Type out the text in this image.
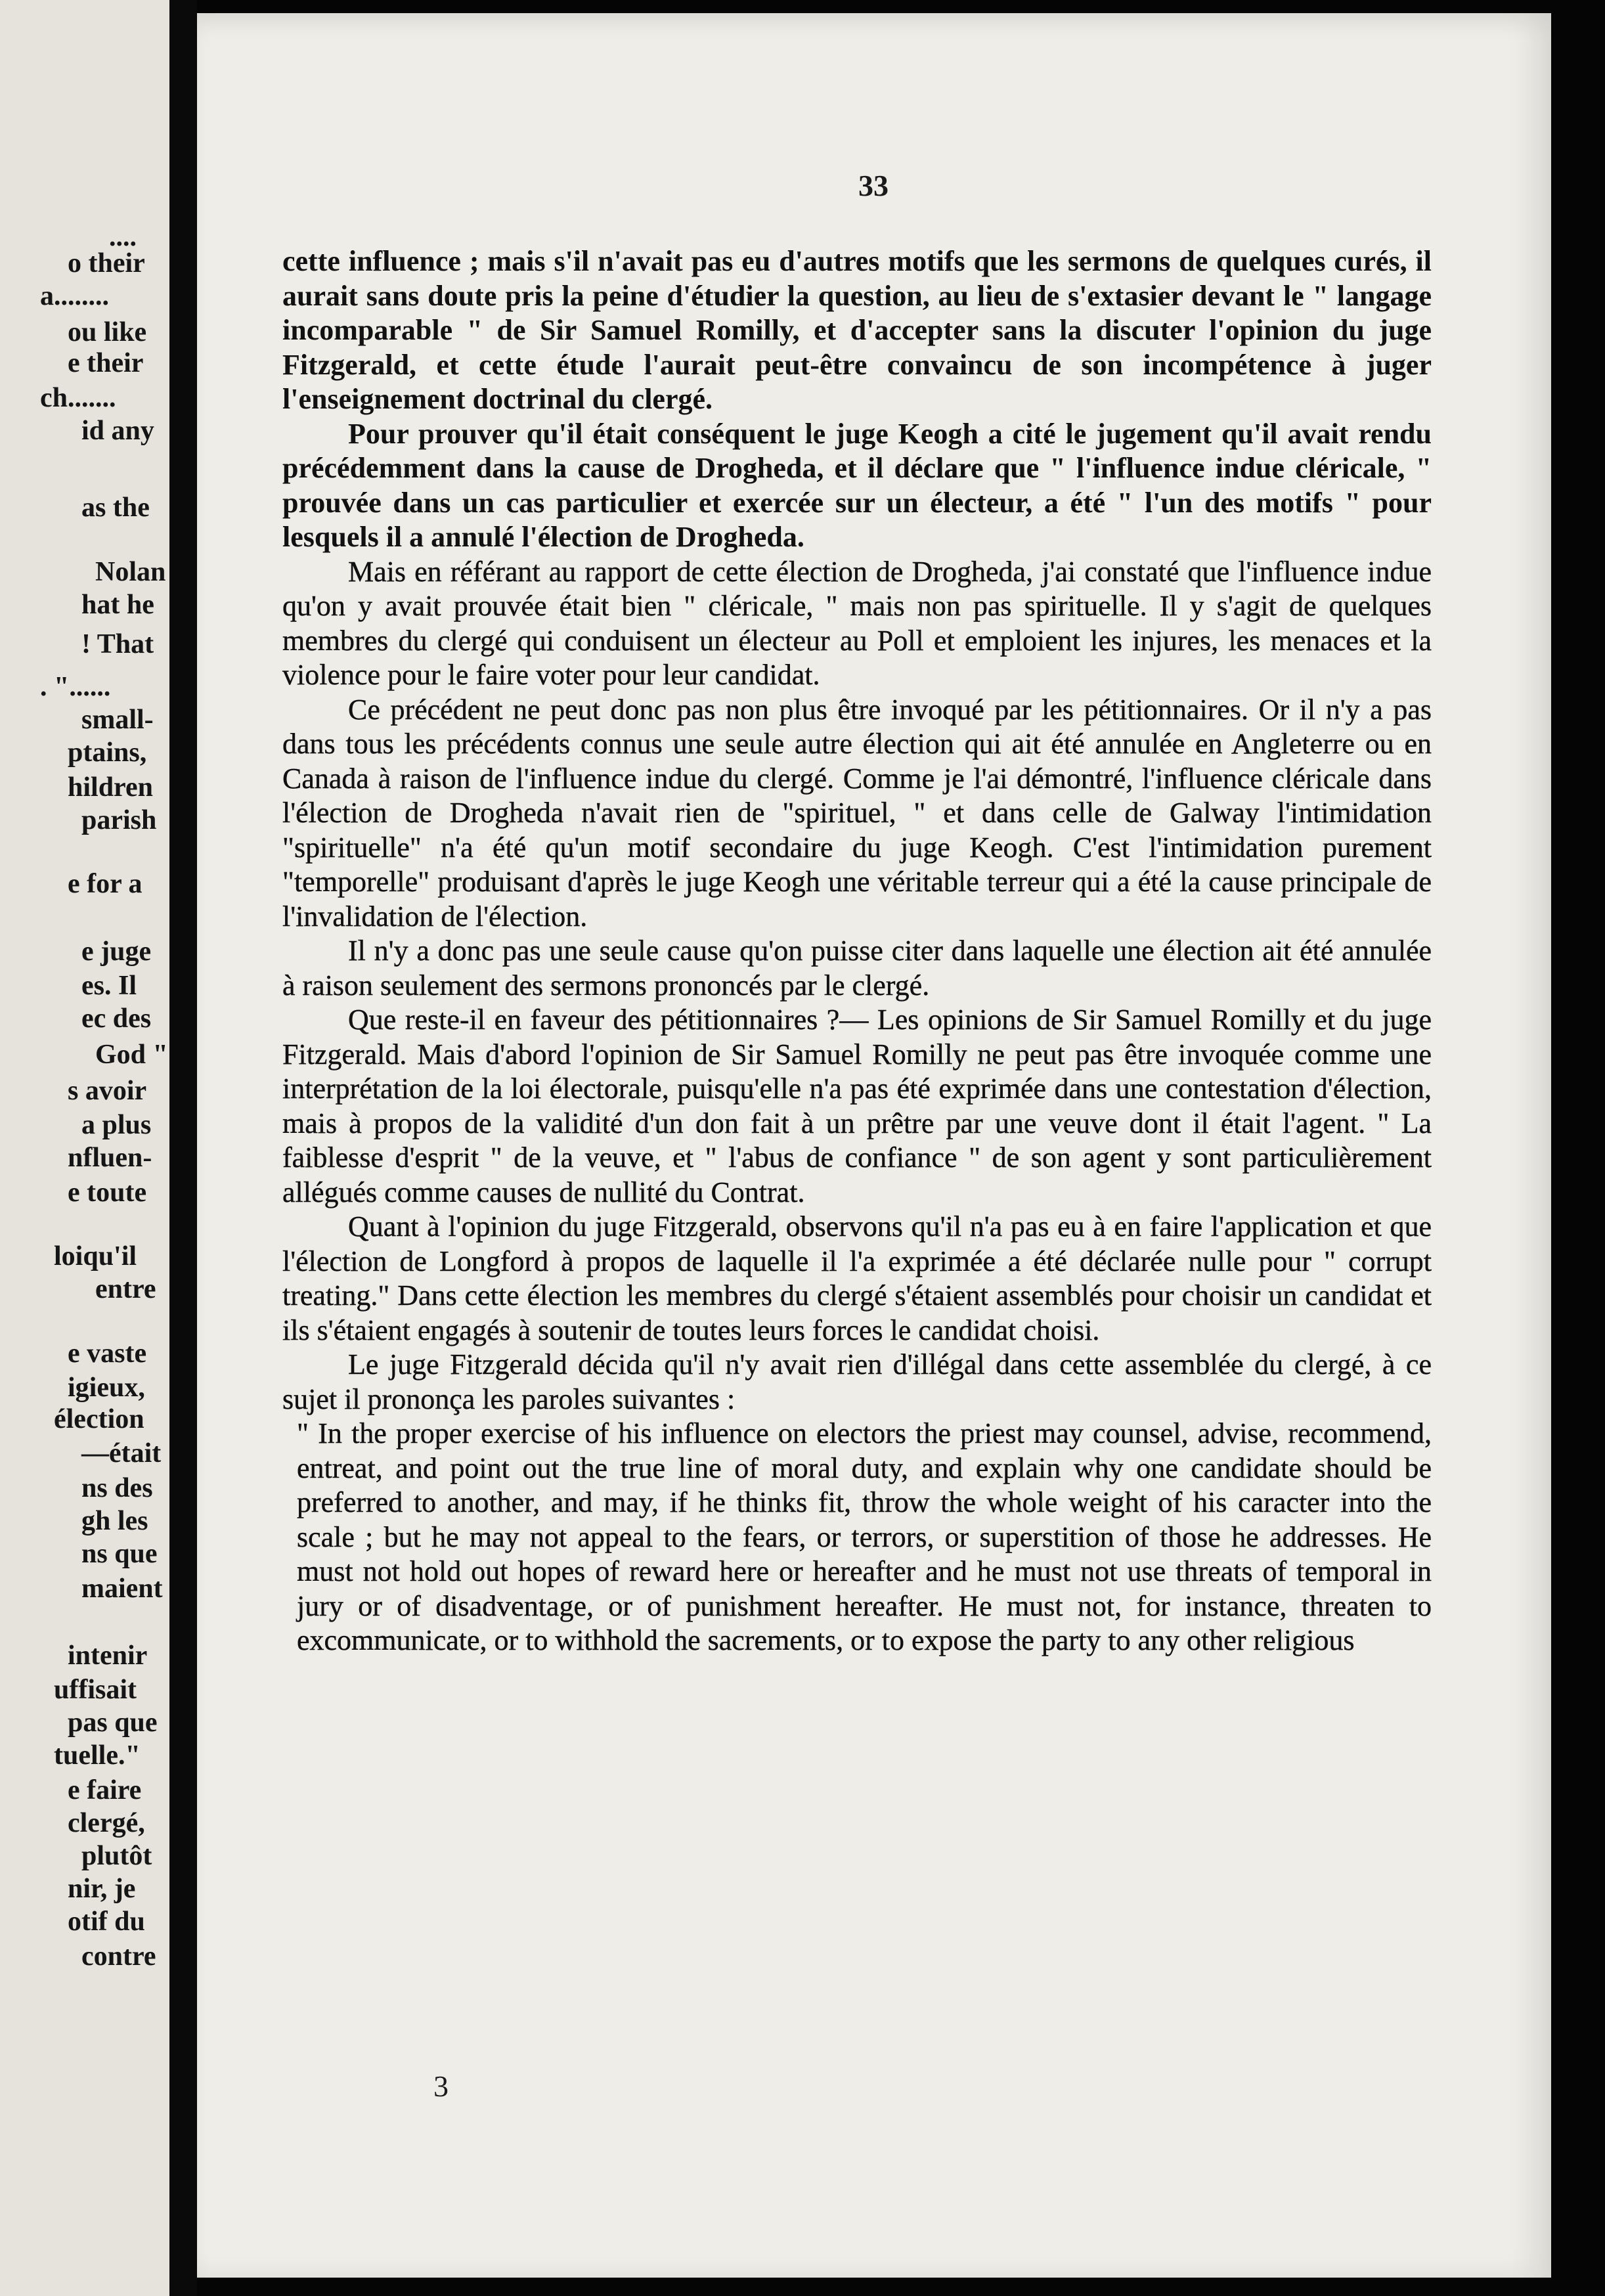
....
o their
a........
ou like
e their
ch.......
id any
as the
Nolan
hat he
! That
. "......
small-
ptains,
hildren
parish
e for a
e juge
es. Il
ec des
God "
s avoir
a plus
nfluen-
e toute
loiqu'il
entre
e vaste
igieux,
élection
—était
ns des
gh les
ns que
maient
intenir
uffisait
pas que
tuelle."
e faire
clergé,
plutôt
nir, je
otif du
contre
33

cette influence ; mais s'il n'avait pas eu d'autres motifs que les sermons de quelques curés, il aurait sans doute pris la peine d'étudier la question, au lieu de s'extasier devant le " langage incomparable " de Sir Samuel Romilly, et d'accepter sans la discuter l'opinion du juge Fitzgerald, et cette étude l'aurait peut-être convaincu de son incompétence à juger l'enseignement doctrinal du clergé.

Pour prouver qu'il était conséquent le juge Keogh a cité le jugement qu'il avait rendu précédemment dans la cause de Drogheda, et il déclare que " l'influence indue cléricale, " prouvée dans un cas particulier et exercée sur un électeur, a été " l'un des motifs " pour lesquels il a annulé l'élection de Drogheda.

Mais en référant au rapport de cette élection de Drogheda, j'ai constaté que l'influence indue qu'on y avait prouvée était bien " cléricale, " mais non pas spirituelle. Il y s'agit de quelques membres du clergé qui conduisent un électeur au Poll et emploient les injures, les menaces et la violence pour le faire voter pour leur candidat.

Ce précédent ne peut donc pas non plus être invoqué par les pétitionnaires. Or il n'y a pas dans tous les précédents connus une seule autre élection qui ait été annulée en Angleterre ou en Canada à raison de l'influence indue du clergé. Comme je l'ai démontré, l'influence cléricale dans l'élection de Drogheda n'avait rien de "spirituel, " et dans celle de Galway l'intimidation "spirituelle" n'a été qu'un motif secondaire du juge Keogh. C'est l'intimidation purement "temporelle" produisant d'après le juge Keogh une véritable terreur qui a été la cause principale de l'invalidation de l'élection.

Il n'y a donc pas une seule cause qu'on puisse citer dans laquelle une élection ait été annulée à raison seulement des sermons prononcés par le clergé.

Que reste-il en faveur des pétitionnaires ?— Les opinions de Sir Samuel Romilly et du juge Fitzgerald. Mais d'abord l'opinion de Sir Samuel Romilly ne peut pas être invoquée comme une interprétation de la loi électorale, puisqu'elle n'a pas été exprimée dans une contestation d'élection, mais à propos de la validité d'un don fait à un prêtre par une veuve dont il était l'agent. " La faiblesse d'esprit " de la veuve, et " l'abus de confiance " de son agent y sont particulièrement allégués comme causes de nullité du Contrat.

Quant à l'opinion du juge Fitzgerald, observons qu'il n'a pas eu à en faire l'application et que l'élection de Longford à propos de laquelle il l'a exprimée a été déclarée nulle pour " corrupt treating." Dans cette élection les membres du clergé s'étaient assemblés pour choisir un candidat et ils s'étaient engagés à soutenir de toutes leurs forces le candidat choisi.

Le juge Fitzgerald décida qu'il n'y avait rien d'illégal dans cette assemblée du clergé, à ce sujet il prononça les paroles suivantes :

" In the proper exercise of his influence on electors the priest may counsel, advise, recommend, entreat, and point out the true line of moral duty, and explain why one candidate should be preferred to another, and may, if he thinks fit, throw the whole weight of his caracter into the scale ; but he may not appeal to the fears, or terrors, or superstition of those he addresses. He must not hold out hopes of reward here or hereafter and he must not use threats of temporal in jury or of disadventage, or of punishment hereafter. He must not, for instance, threaten to excommunicate, or to withhold the sacrements, or to expose the party to any other religious

3
